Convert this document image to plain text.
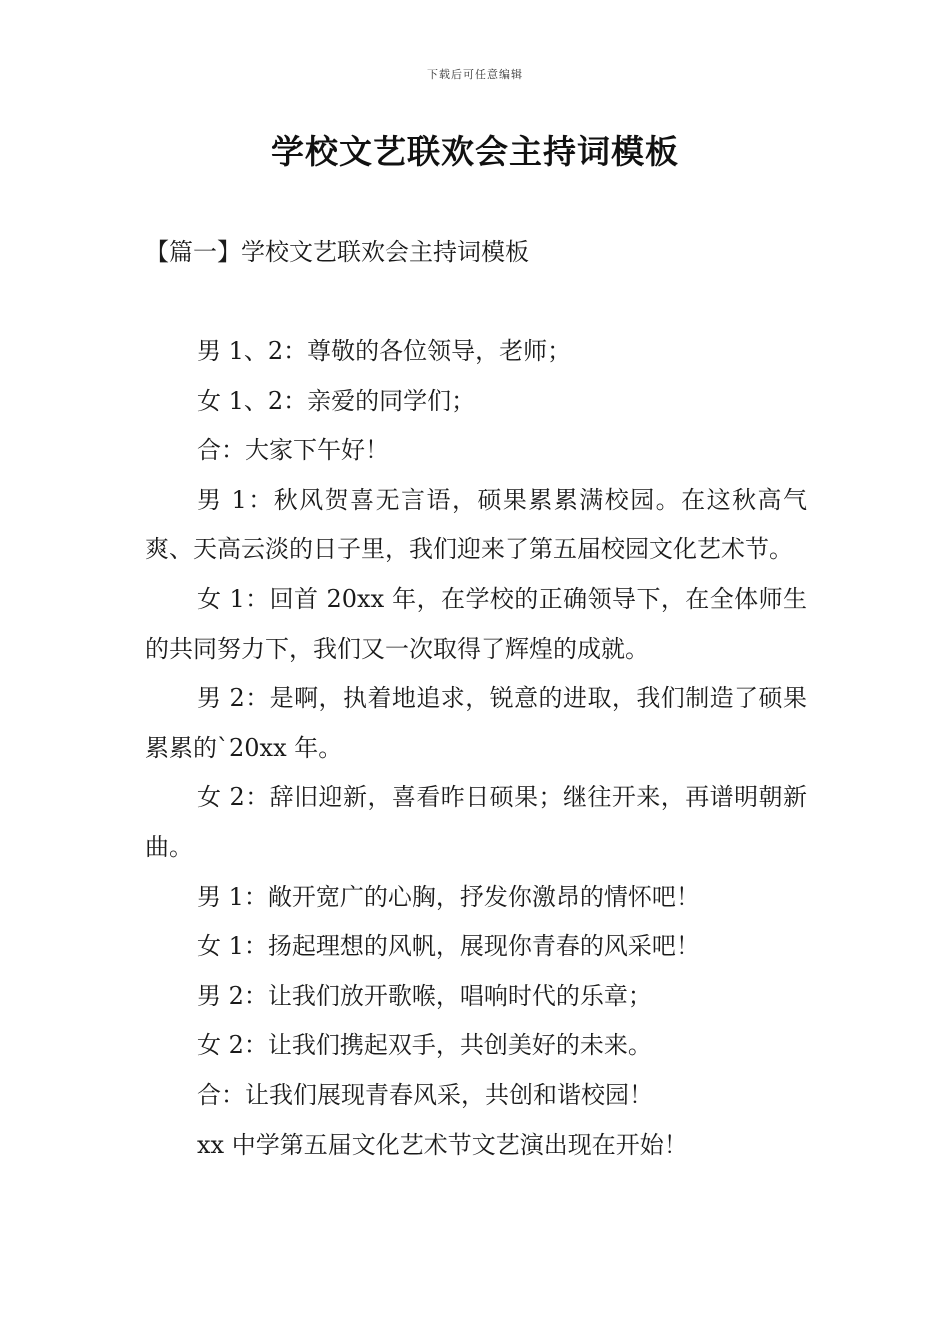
下载后可任意编辑
学校文艺联欢会主持词模板
【篇一】学校文艺联欢会主持词模板

男 1、2：尊敬的各位领导，老师；

女 1、2：亲爱的同学们；

合：大家下午好！

男 1：秋风贺喜无言语，硕果累累满校园。在这秋高气爽、天高云淡的日子里，我们迎来了第五届校园文化艺术节。

女 1：回首 20xx 年，在学校的正确领导下，在全体师生的共同努力下，我们又一次取得了辉煌的成就。

男 2：是啊，执着地追求，锐意的进取，我们制造了硕果累累的`20xx 年。

女 2：辞旧迎新，喜看昨日硕果；继往开来，再谱明朝新曲。

男 1：敞开宽广的心胸，抒发你激昂的情怀吧！

女 1：扬起理想的风帆，展现你青春的风采吧！

男 2：让我们放开歌喉，唱响时代的乐章；

女 2：让我们携起双手，共创美好的未来。

合：让我们展现青春风采，共创和谐校园！

xx 中学第五届文化艺术节文艺演出现在开始！
